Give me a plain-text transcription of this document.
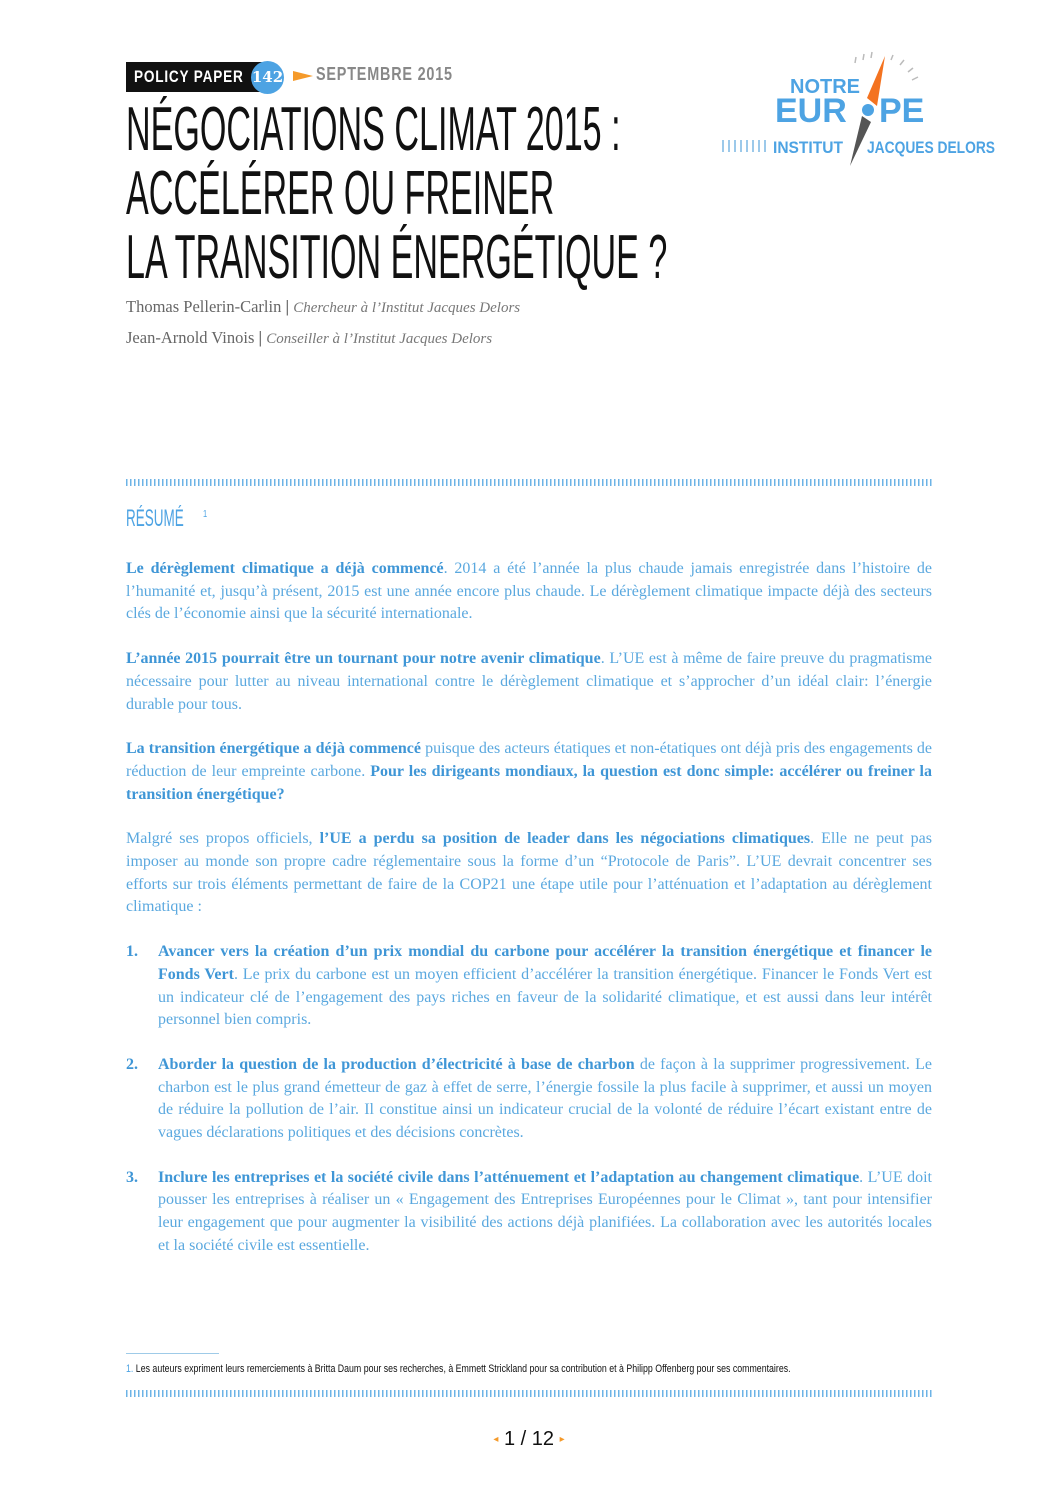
POLICY PAPER 142 SEPTEMBRE 2015
NOTRE
EUR PE
INSTITUT JACQUES DELORS
NÉGOCIATIONS CLIMAT 2015 :
ACCÉLÉRER OU FREINER
LA TRANSITION ÉNERGÉTIQUE ?
Thomas Pellerin-Carlin | Chercheur à l’Institut Jacques Delors
Jean-Arnold Vinois | Conseiller à l’Institut Jacques Delors
RÉSUMÉ $^1$
Le dérèglement climatique a déjà commencé. 2014 a été l’année la plus chaude jamais enregistrée dans l’histoire de l’humanité et, jusqu’à présent, 2015 est une année encore plus chaude. Le dérèglement climatique impacte déjà des secteurs clés de l’économie ainsi que la sécurité internationale.
L’année 2015 pourrait être un tournant pour notre avenir climatique. L’UE est à même de faire preuve du pragmatisme nécessaire pour lutter au niveau international contre le dérèglement climatique et s’approcher d’un idéal clair: l’énergie durable pour tous.
La transition énergétique a déjà commencé puisque des acteurs étatiques et non-étatiques ont déjà pris des engagements de réduction de leur empreinte carbone. Pour les dirigeants mondiaux, la question est donc simple: accélérer ou freiner la transition énergétique?
Malgré ses propos officiels, l’UE a perdu sa position de leader dans les négociations climatiques. Elle ne peut pas imposer au monde son propre cadre réglementaire sous la forme d’un “Protocole de Paris”. L’UE devrait concentrer ses efforts sur trois éléments permettant de faire de la COP21 une étape utile pour l’atténuation et l’adaptation au dérèglement climatique :
1. Avancer vers la création d’un prix mondial du carbone pour accélérer la transition énergétique et financer le Fonds Vert. Le prix du carbone est un moyen efficient d’accélérer la transition énergétique. Financer le Fonds Vert est un indicateur clé de l’engagement des pays riches en faveur de la solidarité climatique, et est aussi dans leur intérêt personnel bien compris.
2. Aborder la question de la production d’électricité à base de charbon de façon à la supprimer progressivement. Le charbon est le plus grand émetteur de gaz à effet de serre, l’énergie fossile la plus facile à supprimer, et aussi un moyen de réduire la pollution de l’air. Il constitue ainsi un indicateur crucial de la volonté de réduire l’écart existant entre de vagues déclarations politiques et des décisions concrètes.
3. Inclure les entreprises et la société civile dans l’atténuement et l’adaptation au changement climatique. L’UE doit pousser les entreprises à réaliser un « Engagement des Entreprises Européennes pour le Climat », tant pour intensifier leur engagement que pour augmenter la visibilité des actions déjà planifiées. La collaboration avec les autorités locales et la société civile est essentielle.
1. Les auteurs expriment leurs remerciements à Britta Daum pour ses recherches, à Emmett Strickland pour sa contribution et à Philipp Offenberg pour ses commentaires.
◂ 1 / 12 ▸
